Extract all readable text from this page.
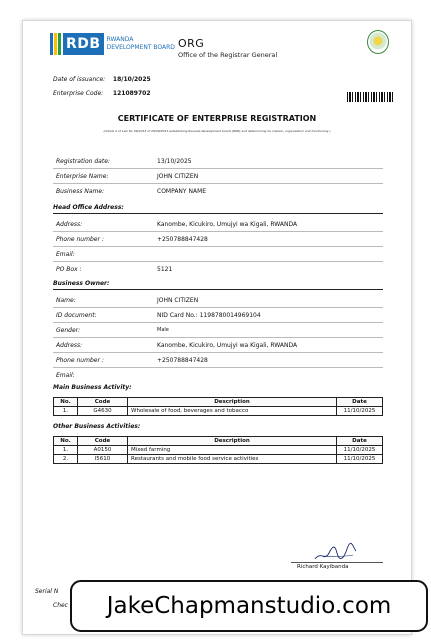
RDB	RWANDA
DEVELOPMENT BOARD ORG
Office of the Registrar General
Date of issuance: 18/10/2025
Enterprise Code: 121089702
CERTIFICATE OF ENTERPRISE REGISTRATION
(Article 4 of Law No 06/2013 of 26/06/2013 establishing Rwanda development board (RDB) and determining its mission, organisation and functioning )
Registration date:	13/10/2025
Enterprise Name:	JOHN CITIZEN
Business Name:	COMPANY NAME
Head Office Address:
Address:	Kanombe, Kicukiro, Umujyi wa Kigali, RWANDA
Phone number :	+250788847428
Email:
PO Box :	5121
Business Owner:
Name:	JOHN CITIZEN
ID document:	NID Card No.: 1198780014969104
Gender:	Male
Address:	Kanombe, Kicukiro, Umujyi wa Kigali, RWANDA
Phone number :	+250788847428
Email:
Main Business Activity:
No.	Code	Description	Date
1.	G4630	Wholesale of food, beverages and tobacco	11/10/2025
Other Business Activities:
No.	Code	Description	Date
1.	A0150	Mixed farming	11/10/2025
2.	I5610	Restaurants and mobile food service activities	11/10/2025
Richard Kayibanda
Serial N
Chec	JakeChapmanstudio.com
